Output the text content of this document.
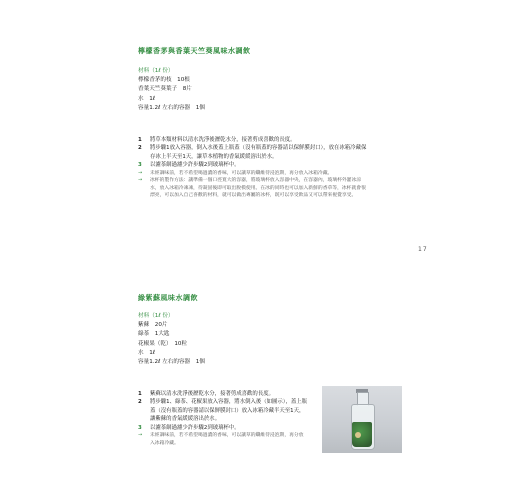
檸檬香茅與香葉天竺葵風味水調飲
材料（1ℓ 份）
檸檬香茅的枝　10根
香葉天竺葵葉子　8片
水　1ℓ
容量1.2ℓ 左右的容器　1個
1 將草本類材料以清水洗淨後瀝乾水分，接著剪成喜歡的長度。
2 將步驟1放入容器，倒入水後蓋上瓶蓋（沒有瓶蓋的容器請以保鮮膜封口），放在冰箱冷藏保存冰上半天至1天，讓草本植物的香氣緩緩溶出於水。
3 以濾茶網過濾少許步驟2到玻璃杯中。
→ 未經調味前，若不希望喝過濃的香味，可以讓草的纖維待浸泡期，再分放入冰箱冷藏。
→ 冰杯的製作方法：讓準備一個口徑寬大的容器，將玻璃杯放入容器中央，在容器內，玻璃杯外灌冰涼水，放入冰箱冷凍凍，待凝固後即可取出脫模使用。在冰的同時也可以加入新鮮的香草等，冰杯就會很漂亮，可以加入自己喜歡的材料，就可以做出專屬的冰杯，既可以享受飲品又可以帶來視覺享受。
17
綠紫蘇風味水調飲
材料（1ℓ 份）
紫蘇　20片
綠茶　1大匙
花椒果（乾）　10粒
水　1ℓ
容量1.2ℓ 左右的容器　1個
1 紫蘇以清水洗淨後瀝乾水分，接著剪成喜歡的長度。
2 將步驟1、綠茶、花椒果放入容器，將水倒入後（如圖示），蓋上瓶蓋（沒有瓶蓋的容器請以保鮮膜封口）放入冰箱冷藏半天至1天，讓紫蘇的香氣緩緩溶出於水。
3 以濾茶網過濾少許步驟2到玻璃杯中。
→ 未經調味前，若不希望喝過濃的香味，可以讓草的纖維待浸泡期，再分放入冰箱冷藏。
